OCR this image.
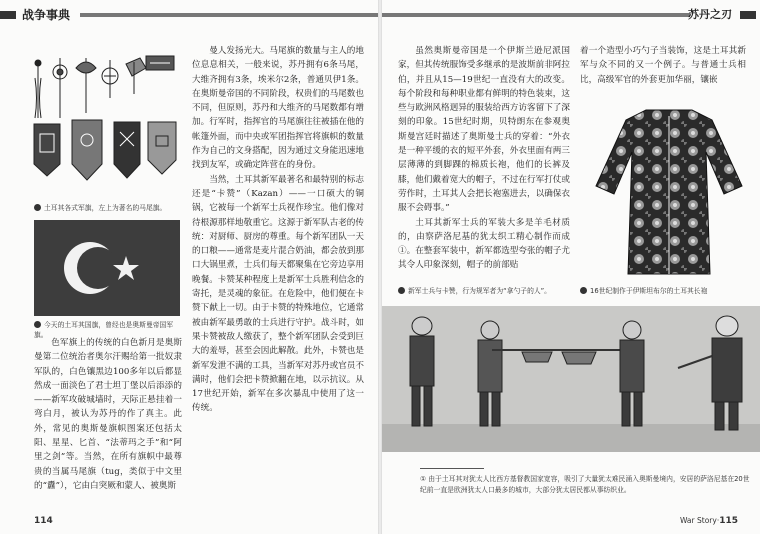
战争事典
土耳其各式军旗，左上为著名的马尾旗。
今天的土耳其国旗，曾经也是奥斯曼帝国军旗。

色军旗上的传统的白色新月是奥斯曼第二位统治者奥尔汗赐给第一批奴隶军队的，白色镶黑边100多年以后都显然成一面淡色了君士坦丁堡以后添添的——新军攻破城墙时，天际正悬挂着一弯白月，被认为苏丹的作了真主。此外，常见的奥斯曼旗帜图案还包括太阳、星星、匕首、“法蒂玛之手”和“阿里之剑”等。当然，在所有旗帜中最尊贵的当属马尾旗（tug，类似于中文里的“纛”），它由白突厥和蒙人、被奥斯

曼人发扬光大。马尾旗的数量与主人的地位息息相关，一般来说，苏丹拥有6条马尾，大维齐拥有3条，埃米尔2条，普通贝伊1条。在奥斯曼帝国的不同阶段，权贵们的马尾数也不同，但原则，苏丹和大维齐的马尾数都有增加。行军时，指挥官的马尾旗往往被插在他的帐篷外面，而中央或军团指挥官将旗帜的数量作为自己的文身搭配，因为通过文身能迅速地找到友军，或确定阵营在的身份。

当然，土耳其新军最著名和最特别的标志还是“卡赞”（Kazan）——一口硕大的铜锅，它被每一个新军士兵视作珍宝。他们像对待根源那样地敬重它。这源于新军队古老的传统：对厨师、厨房的尊重。每个新军团队一天的口粮——通常是麦片混合奶油，都会放到那口大锅里煮，士兵们每天都聚集在它旁边享用晚餐。卡赞某种程度上是新军士兵胜利信念的寄托，是灵魂的象征。在危险中，他们便在卡赞下献上一切。由于卡赞的特殊地位，它通常被由新军最勇敢的士兵进行守护。战斗时，如果卡赞被敌人缴获了，整个新军团队会受到巨大的羞辱，甚至会因此解散。此外，卡赞也是新军发泄不满的工具，当新军对苏丹或官员不满时，他们会把卡赞掀翻在地，以示抗议。从17世纪开始，新军在多次暴乱中使用了这一传统。

114
苏丹之刃

虽然奥斯曼帝国是一个伊斯兰逊尼派国家，但其传统服饰受多继承的是波斯前非阿拉伯，并且从15—19世纪一直没有大的改变。每个阶段和每种职业都有鲜明的特色装束，这些与欧洲风格迥异的服装给西方访客留下了深刻的印象。15世纪时期，贝特朗东在参观奥斯曼宫廷时描述了奥斯曼士兵的穿着：“外衣是一种平缓的衣的短平外套，外衣里面有两三层薄薄的到脚踝的棉质长袍，他们的长裤及膝，他们戴着宽大的帽子，不过在行军打仗或劳作时，土耳其人会把长袍塞进去，以确保衣服不会碍事。”

土耳其新军士兵的军装大多是羊毛材质的，由察萨洛尼基的犹太织工精心制作而成①。在整套军装中，新军都选型夸张的帽子尤其令人印象深刻，帽子的前部贴

着一个造型小巧勺子当装饰，这是土耳其新军与众不同的又一个例子。与普通士兵相比，高级军官的外套更加华丽，镶嵌

新军士兵与卡赞，行为规军者为“拿勺子的人”。	16世纪制作于伊斯坦布尔的土耳其长袍
① 由于土耳其对犹太人比西方基督教国家宽容，吸引了大量犹太难民涌入奥斯曼境内，安居的萨洛尼基在20世纪前一直是欧洲犹太人口最多的城市，大部分犹太居民都从事纺织业。
War Story·115
